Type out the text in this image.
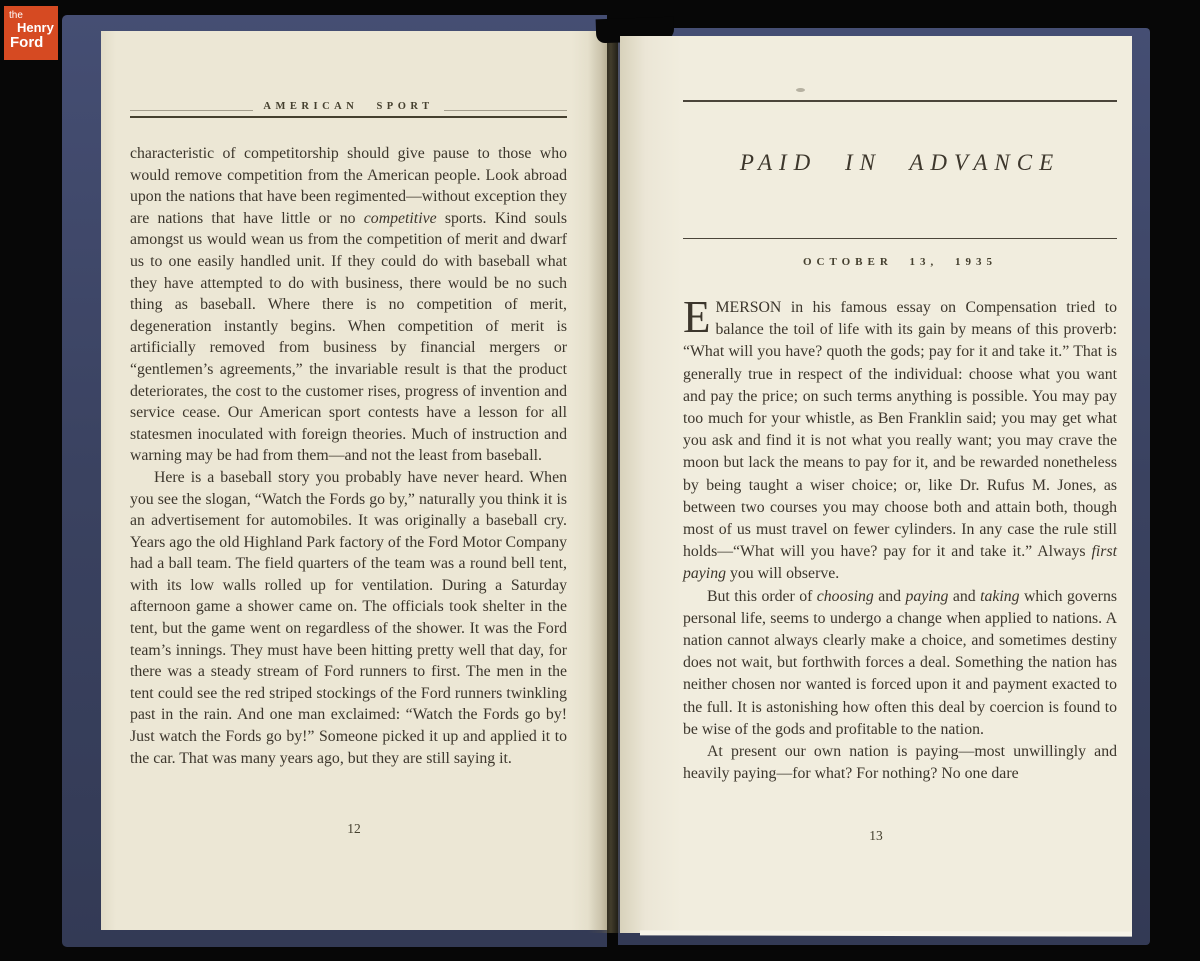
AMERICAN SPORT

characteristic of competitorship should give pause to those who would remove competition from the American people. Look abroad upon the nations that have been regimented—without exception they are nations that have little or no competitive sports. Kind souls amongst us would wean us from the competition of merit and dwarf us to one easily handled unit. If they could do with baseball what they have attempted to do with business, there would be no such thing as baseball. Where there is no competition of merit, degeneration instantly begins. When competition of merit is artificially removed from business by financial mergers or “gentlemen’s agreements,” the invariable result is that the product deteriorates, the cost to the customer rises, progress of invention and service cease. Our American sport contests have a lesson for all statesmen inoculated with foreign theories. Much of instruction and warning may be had from them—and not the least from baseball.

Here is a baseball story you probably have never heard. When you see the slogan, “Watch the Fords go by,” naturally you think it is an advertisement for automobiles. It was originally a baseball cry. Years ago the old Highland Park factory of the Ford Motor Company had a ball team. The field quarters of the team was a round bell tent, with its low walls rolled up for ventilation. During a Saturday afternoon game a shower came on. The officials took shelter in the tent, but the game went on regardless of the shower. It was the Ford team’s innings. They must have been hitting pretty well that day, for there was a steady stream of Ford runners to first. The men in the tent could see the red striped stockings of the Ford runners twinkling past in the rain. And one man exclaimed: “Watch the Fords go by! Just watch the Fords go by!” Someone picked it up and applied it to the car. That was many years ago, but they are still saying it.

12
PAID IN ADVANCE
OCTOBER 13, 1935

EMERSON in his famous essay on Compensation tried to balance the toil of life with its gain by means of this proverb: “What will you have? quoth the gods; pay for it and take it.” That is generally true in respect of the individual: choose what you want and pay the price; on such terms anything is possible. You may pay too much for your whistle, as Ben Franklin said; you may get what you ask and find it is not what you really want; you may crave the moon but lack the means to pay for it, and be rewarded nonetheless by being taught a wiser choice; or, like Dr. Rufus M. Jones, as between two courses you may choose both and attain both, though most of us must travel on fewer cylinders. In any case the rule still holds—“What will you have? pay for it and take it.” Always first paying you will observe.

But this order of choosing and paying and taking which governs personal life, seems to undergo a change when applied to nations. A nation cannot always clearly make a choice, and sometimes destiny does not wait, but forthwith forces a deal. Something the nation has neither chosen nor wanted is forced upon it and payment exacted to the full. It is astonishing how often this deal by coercion is found to be wise of the gods and profitable to the nation.

At present our own nation is paying—most unwillingly and heavily paying—for what? For nothing? No one dare

13
the
Henry
Ford
